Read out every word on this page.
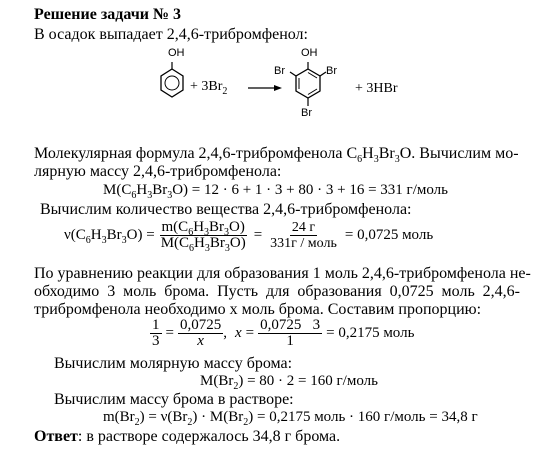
Решение задачи № 3
В осадок выпадает 2,4,6-трибромфенол:
OH
+ $3Br_2$
OH
Br	Br
Br
+ 3HBr
Молекулярная формула 2,4,6-трибромфенола $C_6H_3Br_3O$. Вычислим мо-
лярную массу 2,4,6-трибромфенола:
$M(C_6H_3Br_3O) = 12 \cdot 6 + 1 \cdot 3 + 80 \cdot 3 + 16 = 331$ г/моль
Вычислим количество вещества 2,4,6-трибромфенола:
$\nu(C_6H_3Br_3O) = \frac{m(C_6H_3Br_3O)}{M(C_6H_3Br_3O)} = \frac{24 г}{\text{331г / моль}} = 0,0725$ моль
По уравнению реакции для образования 1 моль 2,4,6-трибромфенола не-
обходимо 3 моль брома. Пусть для образования 0,0725 моль 2,4,6-
трибромфенола необходимо x моль брома. Составим пропорцию:
$\frac{1}{3} = \frac{0,0725}{x}$ , $x = \frac{0,0725 3}{1} = 0,2175$ моль
Вычислим молярную массу брома:
$M(Br_2) = 80 \cdot 2 = 160$ г/моль
Вычислим массу брома в растворе:
$m(Br_2) = \nu(Br_2) \cdot M(Br_2) = 0,2175$ моль · 160 г/моль = 34,8 г
Ответ: в растворе содержалось 34,8 г брома.
